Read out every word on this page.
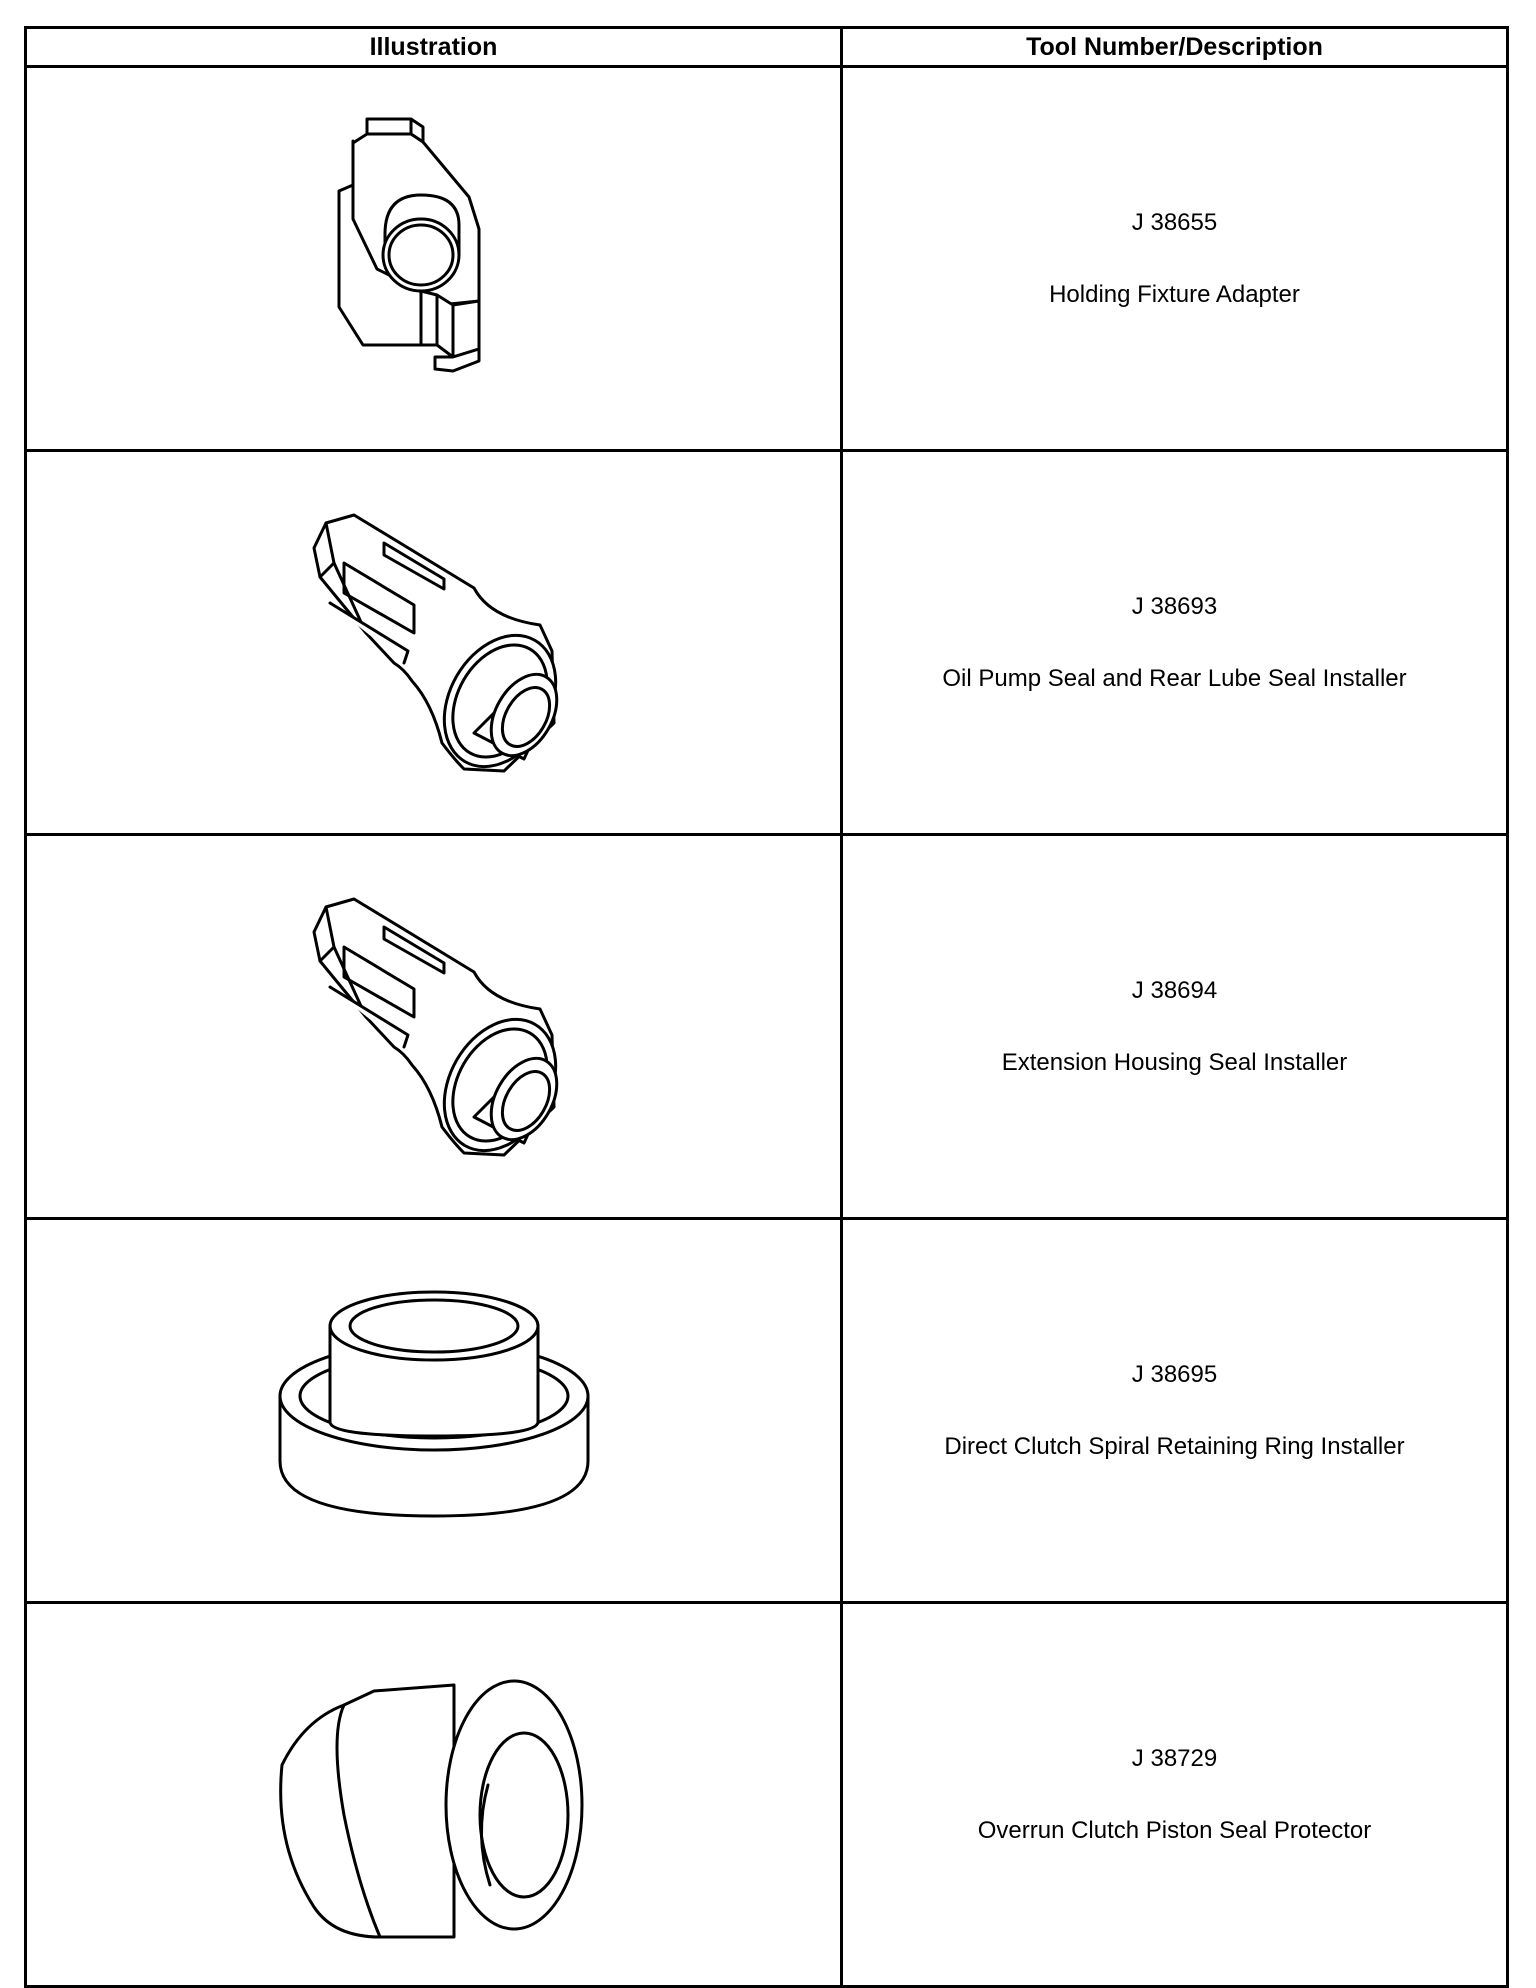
Illustration	Tool Number/Description

J 38655
Holding Fixture Adapter

J 38693
Oil Pump Seal and Rear Lube Seal Installer

J 38694
Extension Housing Seal Installer

J 38695
Direct Clutch Spiral Retaining Ring Installer

J 38729
Overrun Clutch Piston Seal Protector
